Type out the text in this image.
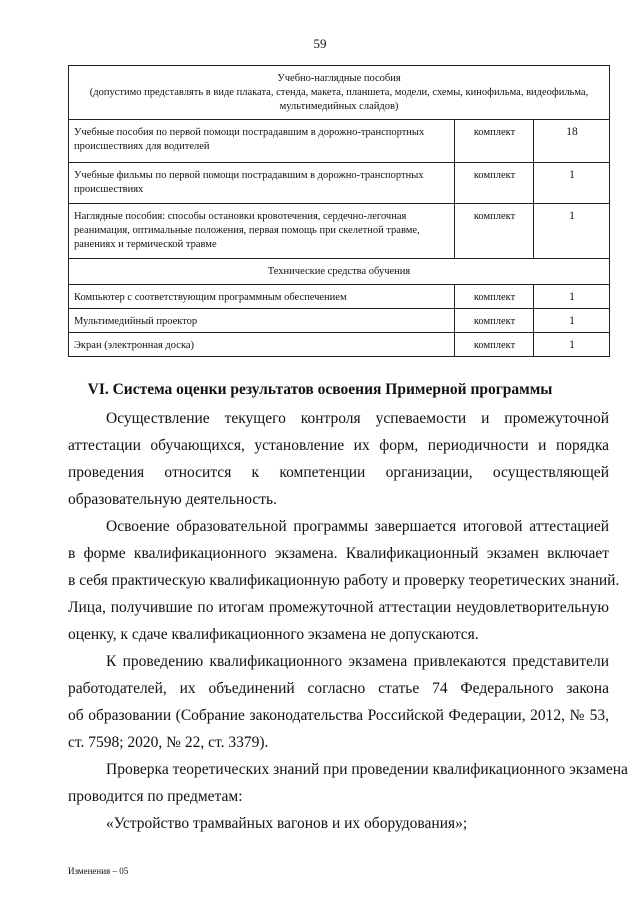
59
Учебно-наглядные пособия
(допустимо представлять в виде плаката, стенда, макета, планшета, модели, схемы, кинофильма, видеофильма, мультимедийных слайдов)		
Учебные пособия по первой помощи пострадавшим в дорожно-транспортных происшествиях для водителей	комплект	18
Учебные фильмы по первой помощи пострадавшим в дорожно-транспортных происшествиях	комплект	1
Наглядные пособия: способы остановки кровотечения, сердечно-легочная реанимация, оптимальные положения, первая помощь при скелетной травме, ранениях и термической травме	комплект	1
Технические средства обучения		
Компьютер с соответствующим программным обеспечением	комплект	1
Мультимедийный проектор	комплект	1
Экран (электронная доска)	комплект	1
VI. Система оценки результатов освоения Примерной программы

Осуществление текущего контроля успеваемости и промежуточной
аттестации обучающихся, установление их форм, периодичности и порядка
проведения относится к компетенции организации, осуществляющей
образовательную деятельность.

Освоение образовательной программы завершается итоговой аттестацией
в форме квалификационного экзамена. Квалификационный экзамен включает
в себя практическую квалификационную работу и проверку теоретических знаний.
Лица, получившие по итогам промежуточной аттестации неудовлетворительную
оценку, к сдаче квалификационного экзамена не допускаются.

К проведению квалификационного экзамена привлекаются представители
работодателей, их объединений согласно статье 74 Федерального закона
об образовании (Собрание законодательства Российской Федерации, 2012, № 53,
ст. 7598; 2020, № 22, ст. 3379).

Проверка теоретических знаний при проведении квалификационного экзамена
проводится по предметам:

«Устройство трамвайных вагонов и их оборудования»;

Изменения – 05
